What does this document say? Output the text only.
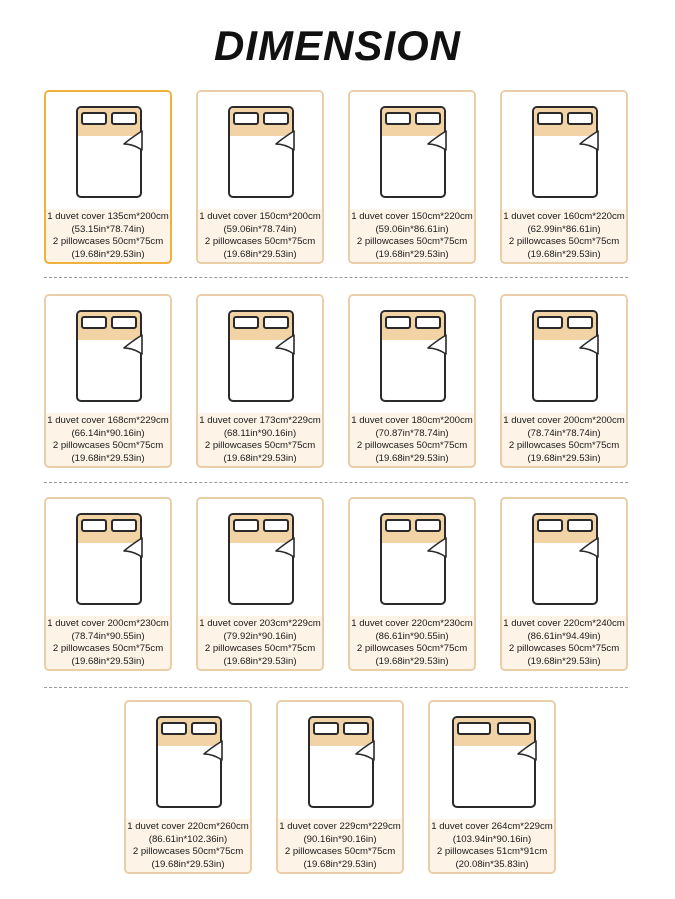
DIMENSION
1 duvet cover 135cm*200cm
(53.15in*78.74in)
2 pillowcases 50cm*75cm
(19.68in*29.53in)
1 duvet cover 150cm*200cm
(59.06in*78.74in)
2 pillowcases 50cm*75cm
(19.68in*29.53in)
1 duvet cover 150cm*220cm
(59.06in*86.61in)
2 pillowcases 50cm*75cm
(19.68in*29.53in)
1 duvet cover 160cm*220cm
(62.99in*86.61in)
2 pillowcases 50cm*75cm
(19.68in*29.53in)
1 duvet cover 168cm*229cm
(66.14in*90.16in)
2 pillowcases 50cm*75cm
(19.68in*29.53in)
1 duvet cover 173cm*229cm
(68.11in*90.16in)
2 pillowcases 50cm*75cm
(19.68in*29.53in)
1 duvet cover 180cm*200cm
(70.87in*78.74in)
2 pillowcases 50cm*75cm
(19.68in*29.53in)
1 duvet cover 200cm*200cm
(78.74in*78.74in)
2 pillowcases 50cm*75cm
(19.68in*29.53in)
1 duvet cover 200cm*230cm
(78.74in*90.55in)
2 pillowcases 50cm*75cm
(19.68in*29.53in)
1 duvet cover 203cm*229cm
(79.92in*90.16in)
2 pillowcases 50cm*75cm
(19.68in*29.53in)
1 duvet cover 220cm*230cm
(86.61in*90.55in)
2 pillowcases 50cm*75cm
(19.68in*29.53in)
1 duvet cover 220cm*240cm
(86.61in*94.49in)
2 pillowcases 50cm*75cm
(19.68in*29.53in)
1 duvet cover 220cm*260cm
(86.61in*102.36in)
2 pillowcases 50cm*75cm
(19.68in*29.53in)
1 duvet cover 229cm*229cm
(90.16in*90.16in)
2 pillowcases 50cm*75cm
(19.68in*29.53in)
1 duvet cover 264cm*229cm
(103.94in*90.16in)
2 pillowcases 51cm*91cm
(20.08in*35.83in)
